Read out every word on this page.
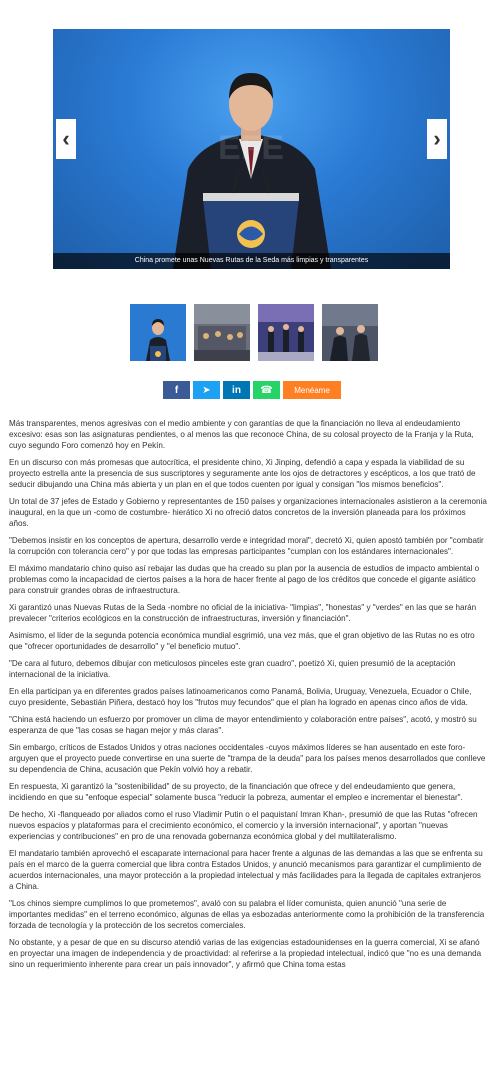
EFE
China promete unas Nuevas Rutas de la Seda más limpias y transparentes
‹	›
f ➤ in ☎	Menéame

Más transparentes, menos agresivas con el medio ambiente y con garantías de que la financiación no lleva al endeudamiento excesivo: esas son las asignaturas pendientes, o al menos las que reconoce China, de su colosal proyecto de la Franja y la Ruta, cuyo segundo Foro comenzó hoy en Pekín.

En un discurso con más promesas que autocrítica, el presidente chino, Xi Jinping, defendió a capa y espada la viabilidad de su proyecto estrella ante la presencia de sus suscriptores y seguramente ante los ojos de detractores y escépticos, a los que trató de seducir dibujando una China más abierta y un plan en el que todos cuenten por igual y consigan "los mismos beneficios".

Un total de 37 jefes de Estado y Gobierno y representantes de 150 países y organizaciones internacionales asistieron a la ceremonia inaugural, en la que un -como de costumbre- hierático Xi no ofreció datos concretos de la inversión planeada para los próximos años.

"Debemos insistir en los conceptos de apertura, desarrollo verde e integridad moral", decretó Xi, quien apostó también por "combatir la corrupción con tolerancia cero" y por que todas las empresas participantes "cumplan con los estándares internacionales".

El máximo mandatario chino quiso así rebajar las dudas que ha creado su plan por la ausencia de estudios de impacto ambiental o problemas como la incapacidad de ciertos países a la hora de hacer frente al pago de los créditos que concede el gigante asiático para construir grandes obras de infraestructura.

Xi garantizó unas Nuevas Rutas de la Seda -nombre no oficial de la iniciativa- "limpias", "honestas" y "verdes" en las que se harán prevalecer "criterios ecológicos en la construcción de infraestructuras, inversión y financiación".

Asimismo, el líder de la segunda potencia económica mundial esgrimió, una vez más, que el gran objetivo de las Rutas no es otro que "ofrecer oportunidades de desarrollo" y "el beneficio mutuo".

"De cara al futuro, debemos dibujar con meticulosos pinceles este gran cuadro", poetizó Xi, quien presumió de la aceptación internacional de la iniciativa.

En ella participan ya en diferentes grados países latinoamericanos como Panamá, Bolivia, Uruguay, Venezuela, Ecuador o Chile, cuyo presidente, Sebastián Piñera, destacó hoy los "frutos muy fecundos" que el plan ha logrado en apenas cinco años de vida.

"China está haciendo un esfuerzo por promover un clima de mayor entendimiento y colaboración entre países", acotó, y mostró su esperanza de que "las cosas se hagan mejor y más claras".

Sin embargo, críticos de Estados Unidos y otras naciones occidentales -cuyos máximos líderes se han ausentado en este foro- arguyen que el proyecto puede convertirse en una suerte de "trampa de la deuda" para los países menos desarrollados que conlleve su dependencia de China, acusación que Pekín volvió hoy a rebatir.

En respuesta, Xi garantizó la "sostenibilidad" de su proyecto, de la financiación que ofrece y del endeudamiento que genera, incidiendo en que su "enfoque especial" solamente busca "reducir la pobreza, aumentar el empleo e incrementar el bienestar".

De hecho, Xi -flanqueado por aliados como el ruso Vladimir Putin o el paquistaní Imran Khan-, presumió de que las Rutas "ofrecen nuevos espacios y plataformas para el crecimiento económico, el comercio y la inversión internacional", y aportan "nuevas experiencias y contribuciones" en pro de una renovada gobernanza económica global y del multilateralismo.

El mandatario también aprovechó el escaparate internacional para hacer frente a algunas de las demandas a las que se enfrenta su país en el marco de la guerra comercial que libra contra Estados Unidos, y anunció mecanismos para garantizar el cumplimiento de acuerdos internacionales, una mayor protección a la propiedad intelectual y más facilidades para la llegada de capitales extranjeros a China.

"Los chinos siempre cumplimos lo que prometemos", avaló con su palabra el líder comunista, quien anunció "una serie de importantes medidas" en el terreno económico, algunas de ellas ya esbozadas anteriormente como la prohibición de la transferencia forzada de tecnología y la protección de los secretos comerciales.

No obstante, y a pesar de que en su discurso atendió varias de las exigencias estadounidenses en la guerra comercial, Xi se afanó en proyectar una imagen de independencia y de proactividad: al referirse a la propiedad intelectual, indicó que "no es una demanda sino un requerimiento inherente para crear un país innovador", y afirmó que China toma estas
